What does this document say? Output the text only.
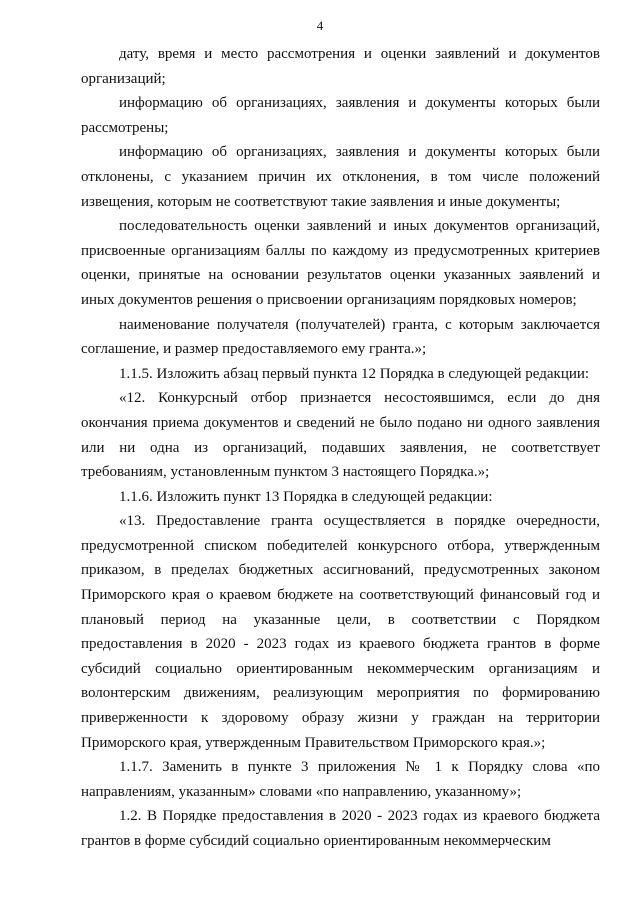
4

дату, время и место рассмотрения и оценки заявлений и документов организаций;

информацию об организациях, заявления и документы которых были рассмотрены;

информацию об организациях, заявления и документы которых были отклонены, с указанием причин их отклонения, в том числе положений извещения, которым не соответствуют такие заявления и иные документы;

последовательность оценки заявлений и иных документов организаций, присвоенные организациям баллы по каждому из предусмотренных критериев оценки, принятые на основании результатов оценки указанных заявлений и иных документов решения о присвоении организациям порядковых номеров;

наименование получателя (получателей) гранта, с которым заключается соглашение, и размер предоставляемого ему гранта.»;

1.1.5. Изложить абзац первый пункта 12 Порядка в следующей редакции:

«12. Конкурсный отбор признается несостоявшимся, если до дня окончания приема документов и сведений не было подано ни одного заявления или ни одна из организаций, подавших заявления, не соответствует требованиям, установленным пунктом 3 настоящего Порядка.»;

1.1.6. Изложить пункт 13 Порядка в следующей редакции:

«13. Предоставление гранта осуществляется в порядке очередности, предусмотренной списком победителей конкурсного отбора, утвержденным приказом, в пределах бюджетных ассигнований, предусмотренных законом Приморского края о краевом бюджете на соответствующий финансовый год и плановый период на указанные цели, в соответствии с Порядком предоставления в 2020 - 2023 годах из краевого бюджета грантов в форме субсидий социально ориентированным некоммерческим организациям и волонтерским движениям, реализующим мероприятия по формированию приверженности к здоровому образу жизни у граждан на территории Приморского края, утвержденным Правительством Приморского края.»;

1.1.7. Заменить в пункте 3 приложения № 1 к Порядку слова «по направлениям, указанным» словами «по направлению, указанному»;

1.2. В Порядке предоставления в 2020 - 2023 годах из краевого бюджета грантов в форме субсидий социально ориентированным некоммерческим
